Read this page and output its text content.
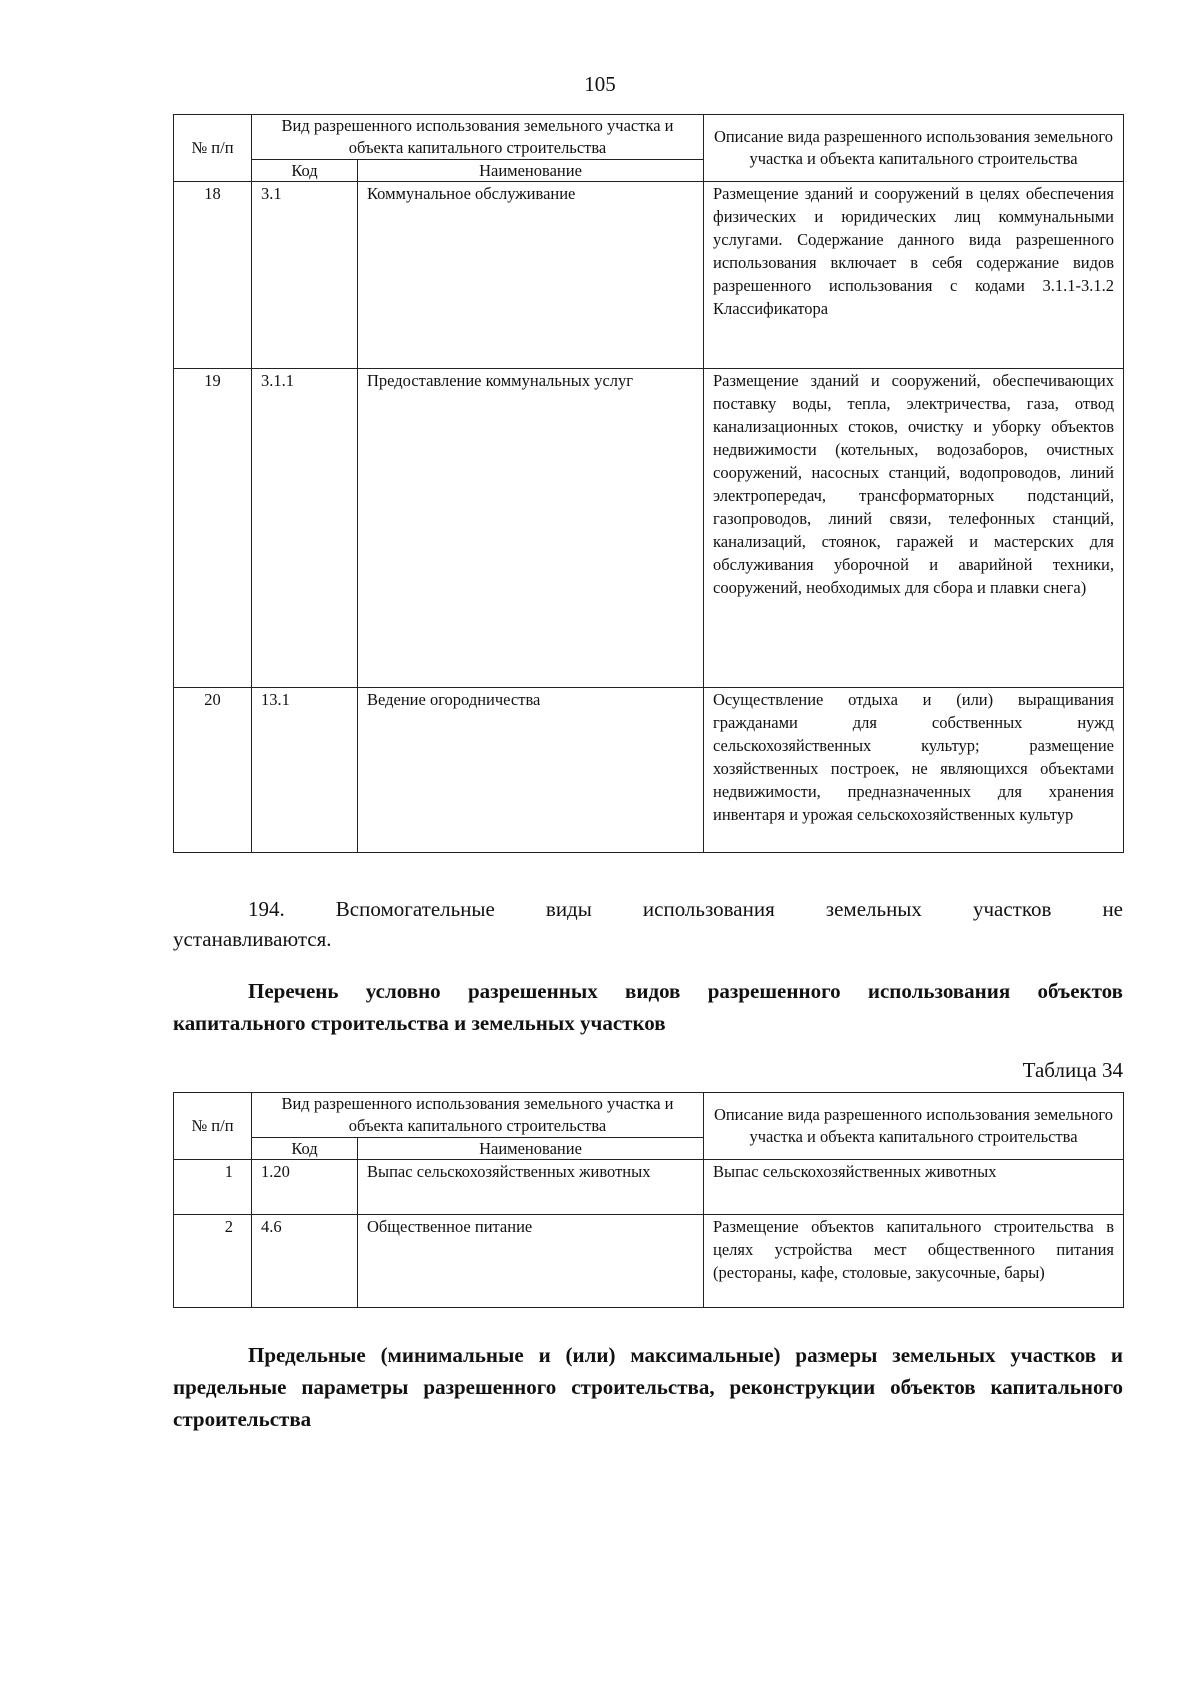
105
№ п/п	Вид разрешенного использования земельного участка и объекта капитального строительства		Описание вида разрешенного использования земельного участка и объекта капитального строительства
	Код	Наименование	
18	3.1	Коммунальное обслуживание	Размещение зданий и сооружений в целях обеспечения физических и юридических лиц коммунальными услугами. Содержание данного вида разрешенного использования включает в себя содержание видов разрешенного использования с кодами 3.1.1-3.1.2 Классификатора
19	3.1.1	Предоставление коммунальных услуг	Размещение зданий и сооружений, обеспечивающих поставку воды, тепла, электричества, газа, отвод канализационных стоков, очистку и уборку объектов недвижимости (котельных, водозаборов, очистных сооружений, насосных станций, водопроводов, линий электропередач, трансформаторных подстанций, газопроводов, линий связи, телефонных станций, канализаций, стоянок, гаражей и мастерских для обслуживания уборочной и аварийной техники, сооружений, необходимых для сбора и плавки снега)
20	13.1	Ведение огородничества	Осуществление отдыха и (или) выращивания гражданами для собственных нужд сельскохозяйственных культур; размещение хозяйственных построек, не являющихся объектами недвижимости, предназначенных для хранения инвентаря и урожая сельскохозяйственных культур
194. Вспомогательные виды использования земельных участков не
устанавливаются.
Перечень условно разрешенных видов разрешенного использования объектов капитального строительства и земельных участков
Таблица 34
№ п/п	Вид разрешенного использования земельного участка и объекта капитального строительства		Описание вида разрешенного использования земельного участка и объекта капитального строительства
	Код	Наименование	
1	1.20	Выпас сельскохозяйственных животных	Выпас сельскохозяйственных животных
2	4.6	Общественное питание	Размещение объектов капитального строительства в целях устройства мест общественного питания (рестораны, кафе, столовые, закусочные, бары)
Предельные (минимальные и (или) максимальные) размеры земельных участков и предельные параметры разрешенного строительства, реконструкции объектов капитального строительства
